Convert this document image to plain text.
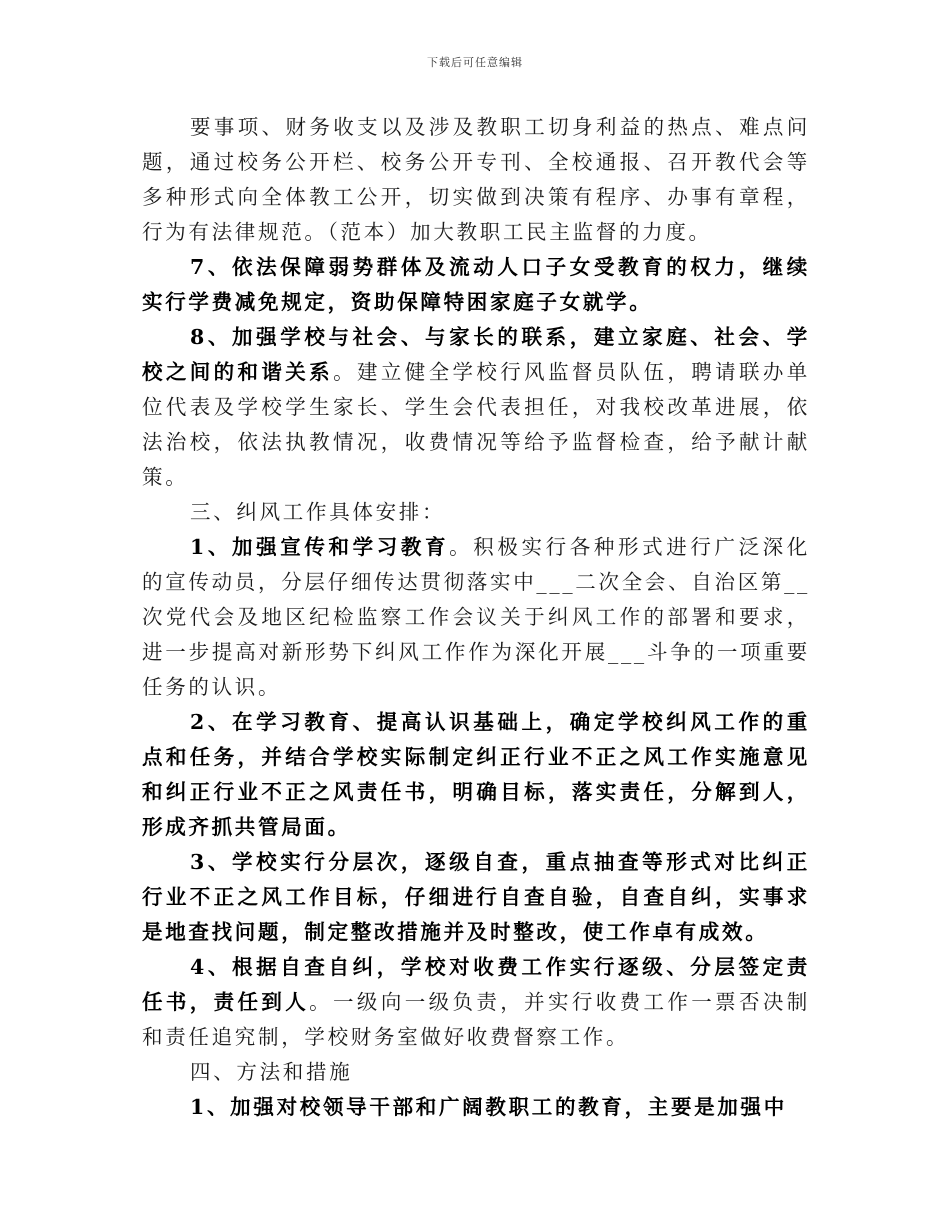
下载后可任意编辑

要事项、财务收支以及涉及教职工切身利益的热点、难点问题，通过校务公开栏、校务公开专刊、全校通报、召开教代会等多种形式向全体教工公开，切实做到决策有程序、办事有章程，行为有法律规范。（范本）加大教职工民主监督的力度。

7、依法保障弱势群体及流动人口子女受教育的权力，继续实行学费减免规定，资助保障特困家庭子女就学。

8、加强学校与社会、与家长的联系，建立家庭、社会、学校之间的和谐关系。建立健全学校行风监督员队伍，聘请联办单位代表及学校学生家长、学生会代表担任，对我校改革进展，依法治校，依法执教情况，收费情况等给予监督检查，给予献计献策。

三、纠风工作具体安排：

1、加强宣传和学习教育。积极实行各种形式进行广泛深化的宣传动员，分层仔细传达贯彻落实中___二次全会、自治区第__次党代会及地区纪检监察工作会议关于纠风工作的部署和要求，进一步提高对新形势下纠风工作作为深化开展___斗争的一项重要任务的认识。

2、在学习教育、提高认识基础上，确定学校纠风工作的重点和任务，并结合学校实际制定纠正行业不正之风工作实施意见和纠正行业不正之风责任书，明确目标，落实责任，分解到人，形成齐抓共管局面。

3、学校实行分层次，逐级自查，重点抽查等形式对比纠正行业不正之风工作目标，仔细进行自查自验，自查自纠，实事求是地查找问题，制定整改措施并及时整改，使工作卓有成效。

4、根据自查自纠，学校对收费工作实行逐级、分层签定责任书，责任到人。一级向一级负责，并实行收费工作一票否决制和责任追究制，学校财务室做好收费督察工作。

四、方法和措施

1、加强对校领导干部和广阔教职工的教育，主要是加强中
